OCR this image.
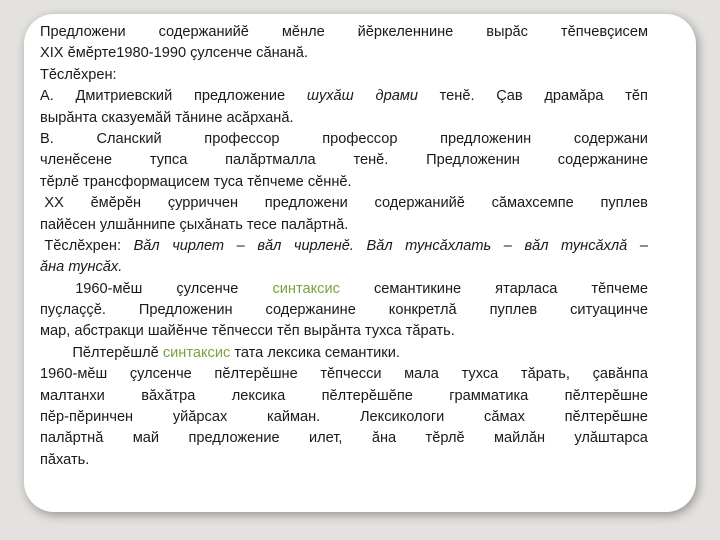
Предложени содержанийĕ мĕнле йĕркеленнине вырăс тĕпчевçисем
XIX ĕмĕрте1980-1990 çулсенче сăнанă.
Тĕслĕхрен:
А. Дмитриевский предложение шухăш драми тенĕ. Çав драмăра тĕп
вырăнта сказуемăй тăнине асăрханă.
В.	Сланский	профессор	профессор	предложенин	содержани
членĕсене	тупса	палăртмалла	тенĕ.	Предложенин	содержанине
тĕрлĕ трансформацисем туса тĕпчеме сĕннĕ.
XX ĕмĕрĕн çурриччен предложени содержанийĕ сăмахсемпе пуплев
пайĕсен улшăннипе çыхăнать тесе палăртнă.
Тĕслĕхрен: Вăл чирлет – вăл чирленĕ. Вăл тунсăхлать – вăл тунсăхлă –
ăна тунсăх.
1960-мĕш çулсенче синтаксис семантикине ятарласа тĕпчеме
пуçлаççĕ. Предложенин содержанине конкретлă пуплев ситуацинче
мар, абстракци шайĕнче тĕпчесси тĕп вырăнта тухса тăрать.
Пĕлтерĕшлĕ синтаксис тата лексика семантики.
1960-мĕш çулсенче пĕлтерĕшне тĕпчесси мала тухса тăрать, çавăнпа
малтанхи вăхăтра лексика пĕлтерĕшĕпе грамматика пĕлтерĕшне
пĕр-пĕринчен	уйăрсах	кайман.	Лексикологи	сăмах	пĕлтерĕшне
палăртнă май предложение илет, ăна тĕрлĕ майлăн улăштарса
пăхать.
